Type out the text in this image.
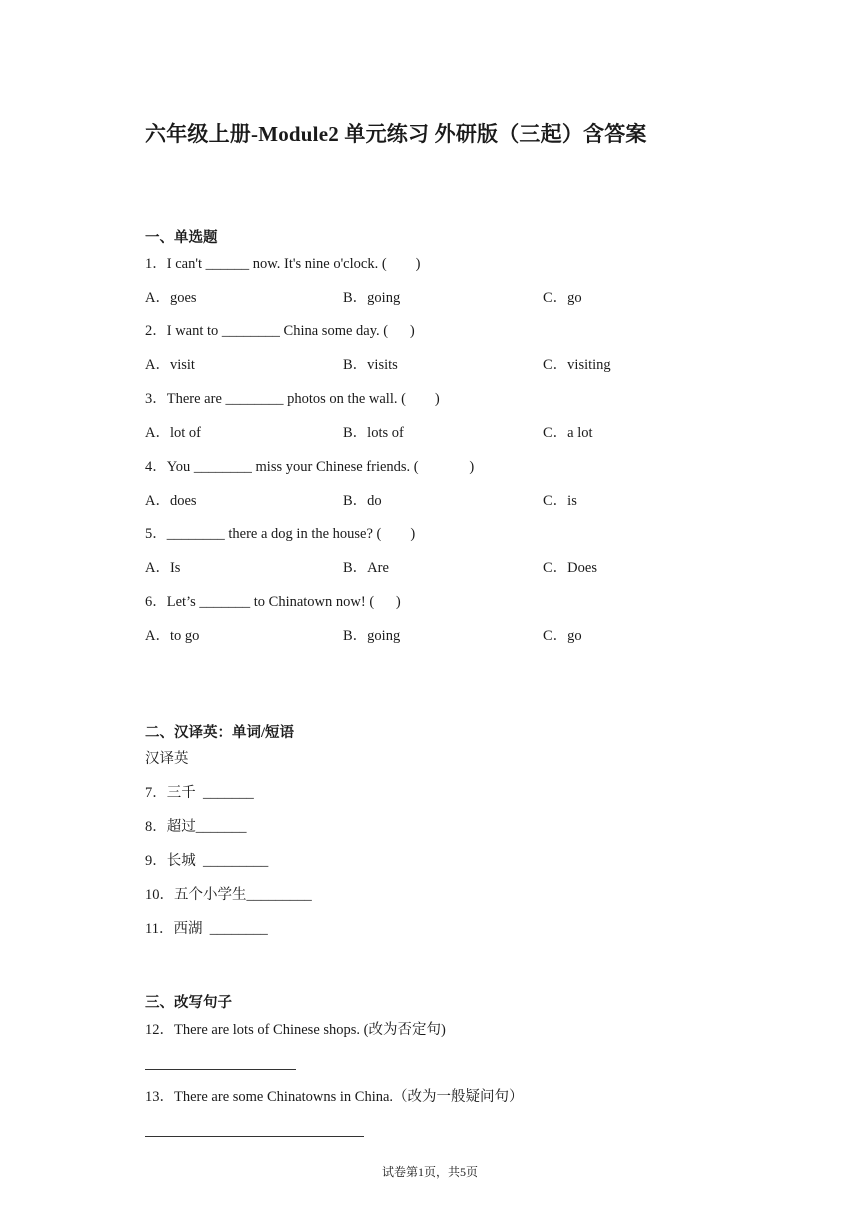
六年级上册-Module2 单元练习 外研版（三起）含答案
一、单选题
1．I can't ______ now. It's nine o'clock. (        )
A．goes	B．going	C．go
2．I want to ________ China some day. (      )
A．visit	B．visits	C．visiting
3．There are ________ photos on the wall. (        )
A．lot of	B．lots of	C．a lot
4．You ________ miss your Chinese friends. (              )
A．does	B．do	C．is
5．________ there a dog in the house? (        )
A．Is	B．Are	C．Does
6．Let’s _______ to Chinatown now! (      )
A．to go	B．going	C．go
二、汉译英：单词/短语
汉译英
7．三千  _______
8．超过_______
9．长城  _________
10．五个小学生_________
11．西湖  ________
三、改写句子
12．There are lots of Chinese shops. (改为否定句)
13．There are some Chinatowns in China.（改为一般疑问句）
试卷第1页，共5页
